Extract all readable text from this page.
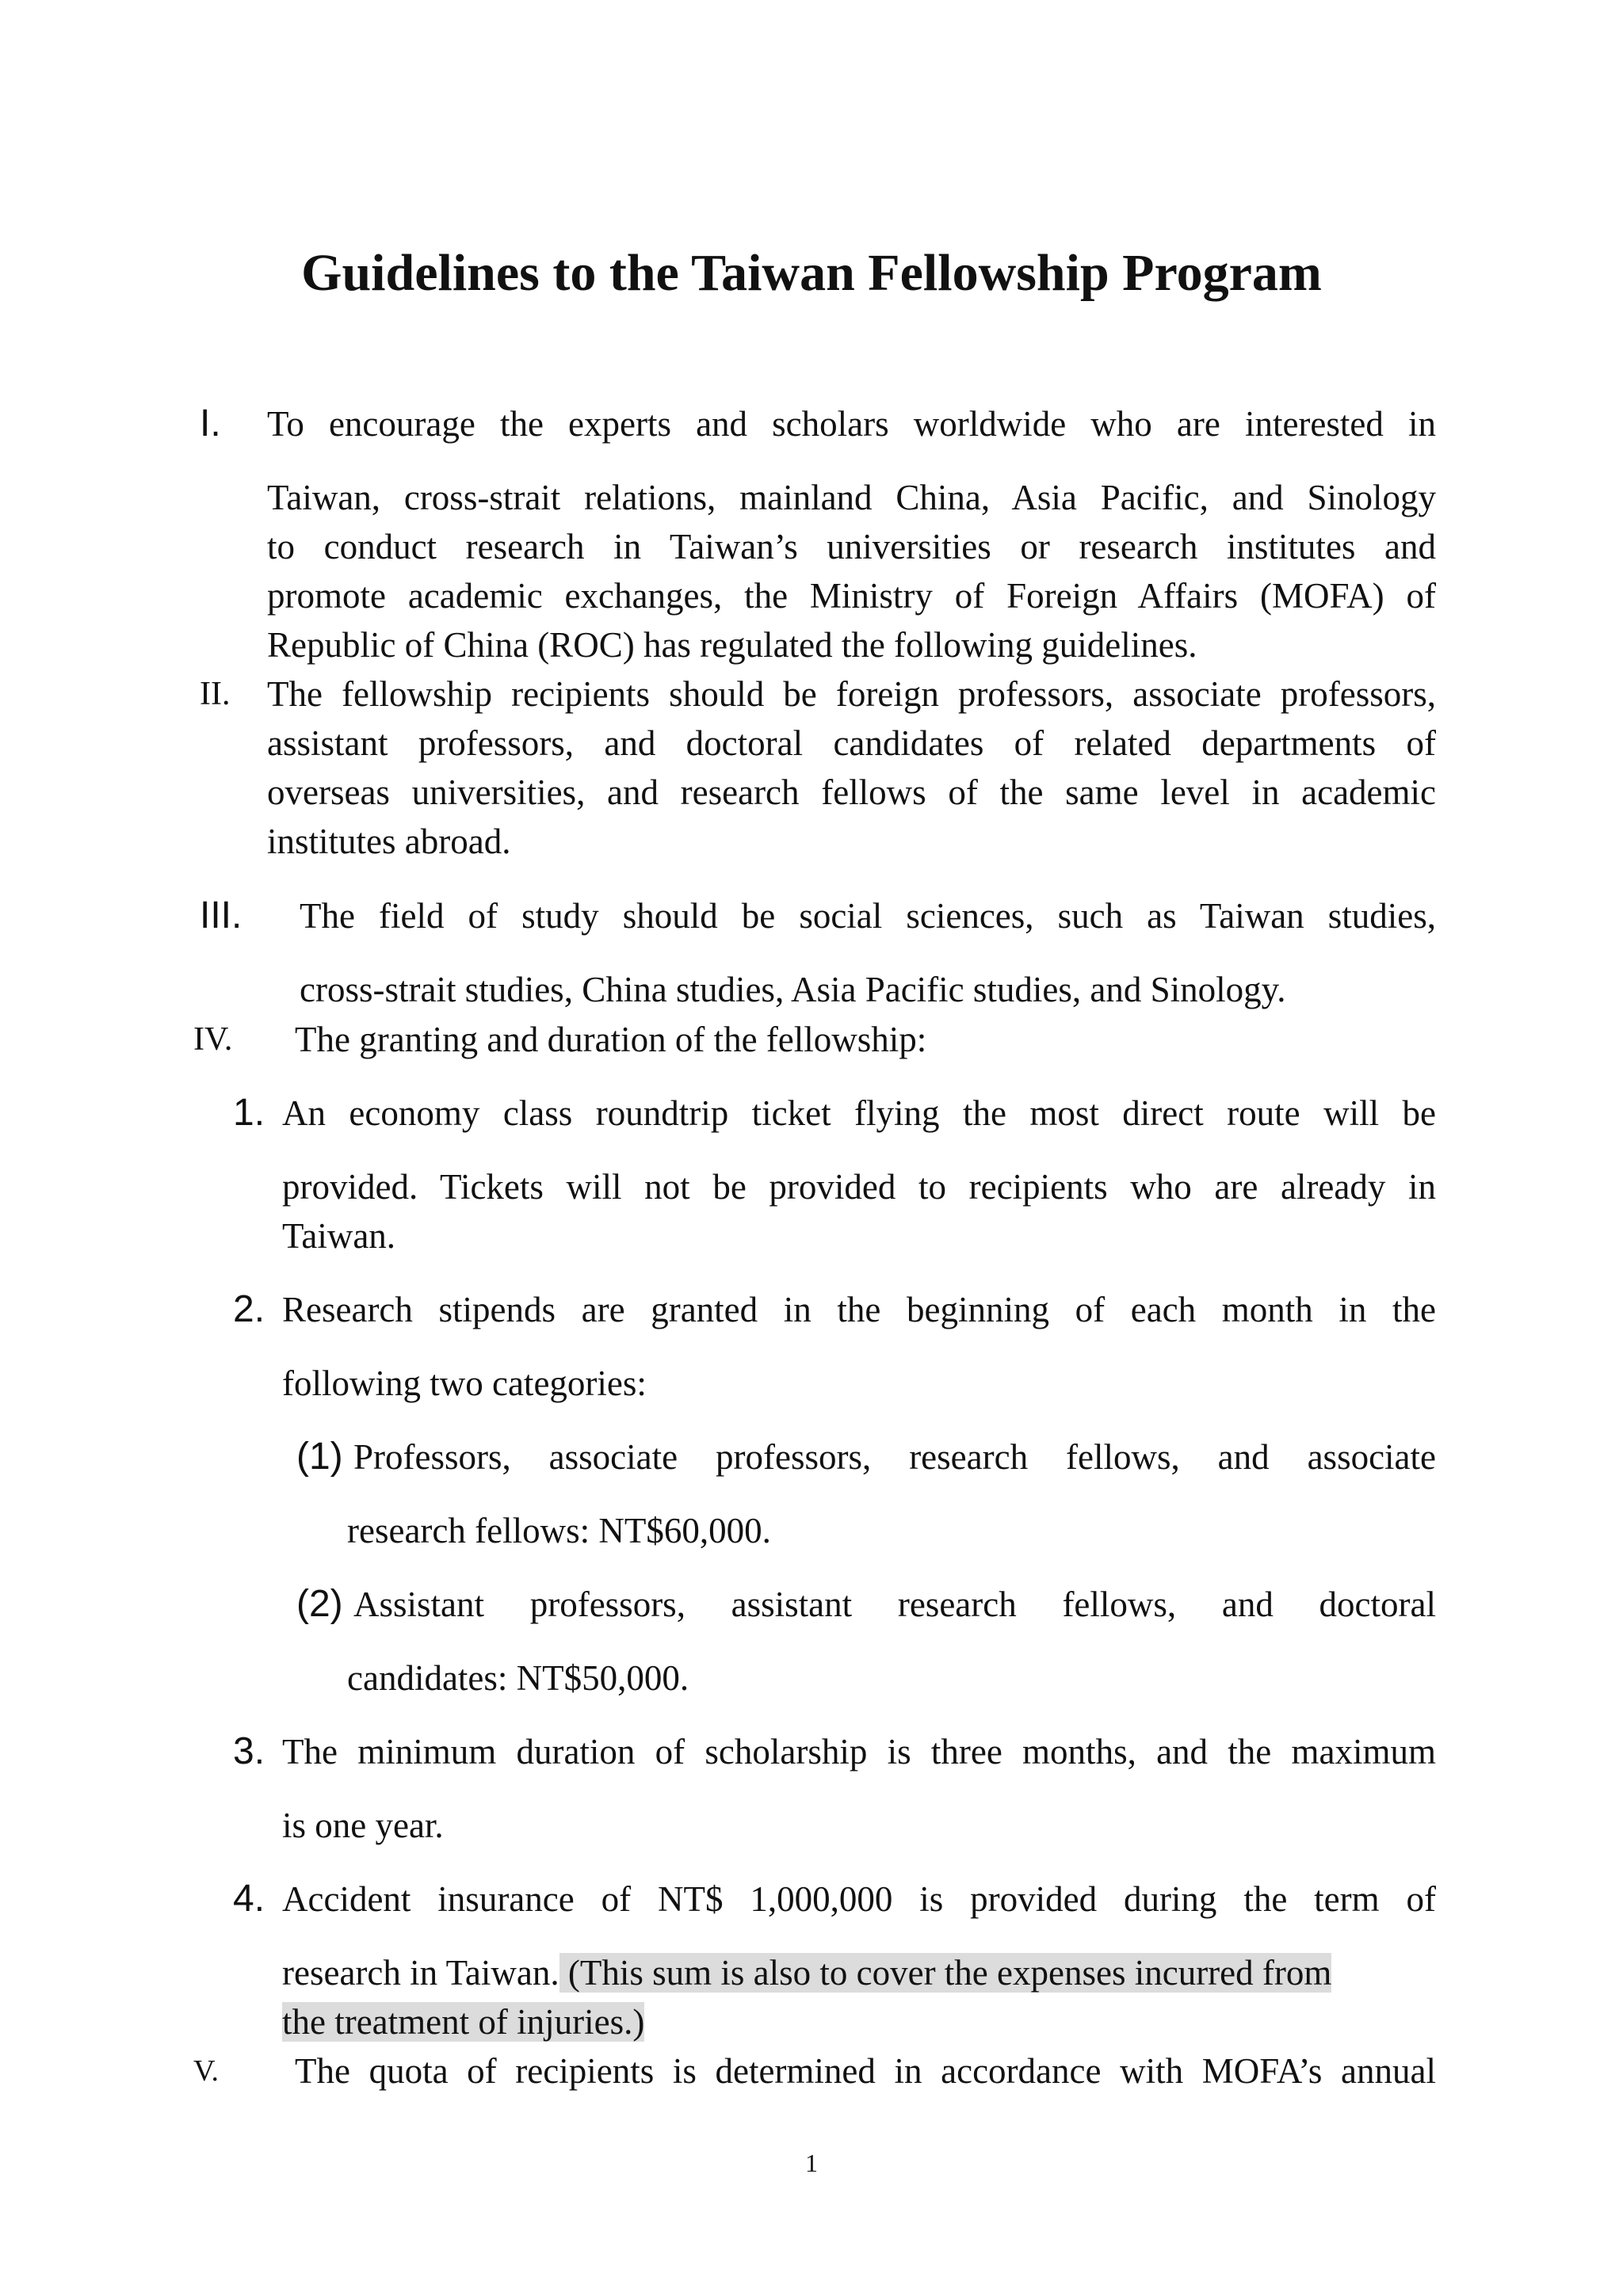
Guidelines to the Taiwan Fellowship Program
I. To encourage the experts and scholars worldwide who are interested in
Taiwan, cross-strait relations, mainland China, Asia Pacific, and Sinology
to conduct research in Taiwan’s universities or research institutes and
promote academic exchanges, the Ministry of Foreign Affairs (MOFA) of
Republic of China (ROC) has regulated the following guidelines.
II. The fellowship recipients should be foreign professors, associate professors,
assistant professors, and doctoral candidates of related departments of
overseas universities, and research fellows of the same level in academic
institutes abroad.
III. The field of study should be social sciences, such as Taiwan studies,
cross-strait studies, China studies, Asia Pacific studies, and Sinology.
IV. The granting and duration of the fellowship:
1. An economy class roundtrip ticket flying the most direct route will be
provided. Tickets will not be provided to recipients who are already in
Taiwan.
2. Research stipends are granted in the beginning of each month in the
following two categories:
(1) Professors, associate professors, research fellows, and associate
research fellows: NT$60,000.
(2) Assistant professors, assistant research fellows, and doctoral
candidates: NT$50,000.
3. The minimum duration of scholarship is three months, and the maximum
is one year.
4. Accident insurance of NT$ 1,000,000 is provided during the term of
research in Taiwan. (This sum is also to cover the expenses incurred from
the treatment of injuries.)
V. The quota of recipients is determined in accordance with MOFA’s annual
1
